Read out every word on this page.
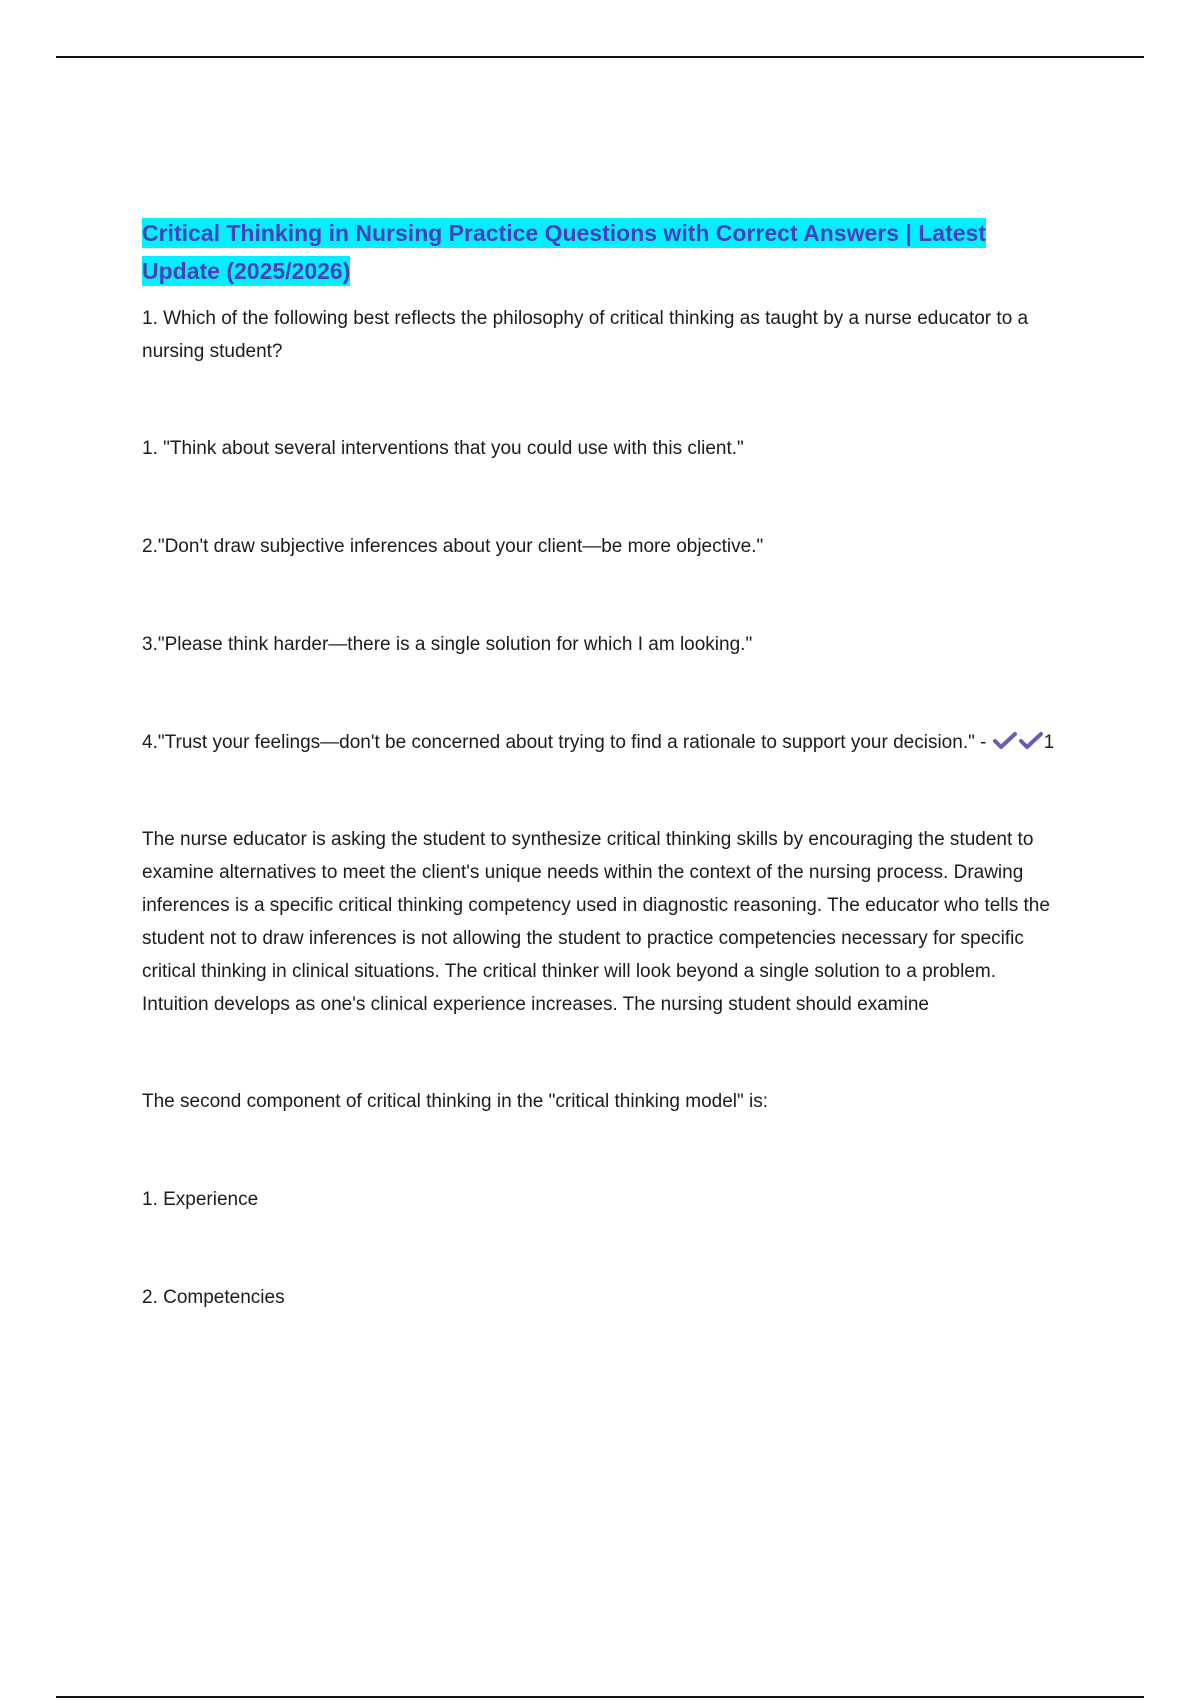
Critical Thinking in Nursing Practice Questions with Correct Answers | Latest Update (2025/2026)

1. Which of the following best reflects the philosophy of critical thinking as taught by a nurse educator to a nursing student?

1. "Think about several interventions that you could use with this client."

2."Don't draw subjective inferences about your client—be more objective."

3."Please think harder—there is a single solution for which I am looking."

4."Trust your feelings—don't be concerned about trying to find a rationale to support your decision." -	1

The nurse educator is asking the student to synthesize critical thinking skills by encouraging the student to examine alternatives to meet the client's unique needs within the context of the nursing process. Drawing inferences is a specific critical thinking competency used in diagnostic reasoning. The educator who tells the student not to draw inferences is not allowing the student to practice competencies necessary for specific critical thinking in clinical situations. The critical thinker will look beyond a single solution to a problem. Intuition develops as one's clinical experience increases. The nursing student should examine

The second component of critical thinking in the "critical thinking model" is:

1. Experience

2. Competencies
